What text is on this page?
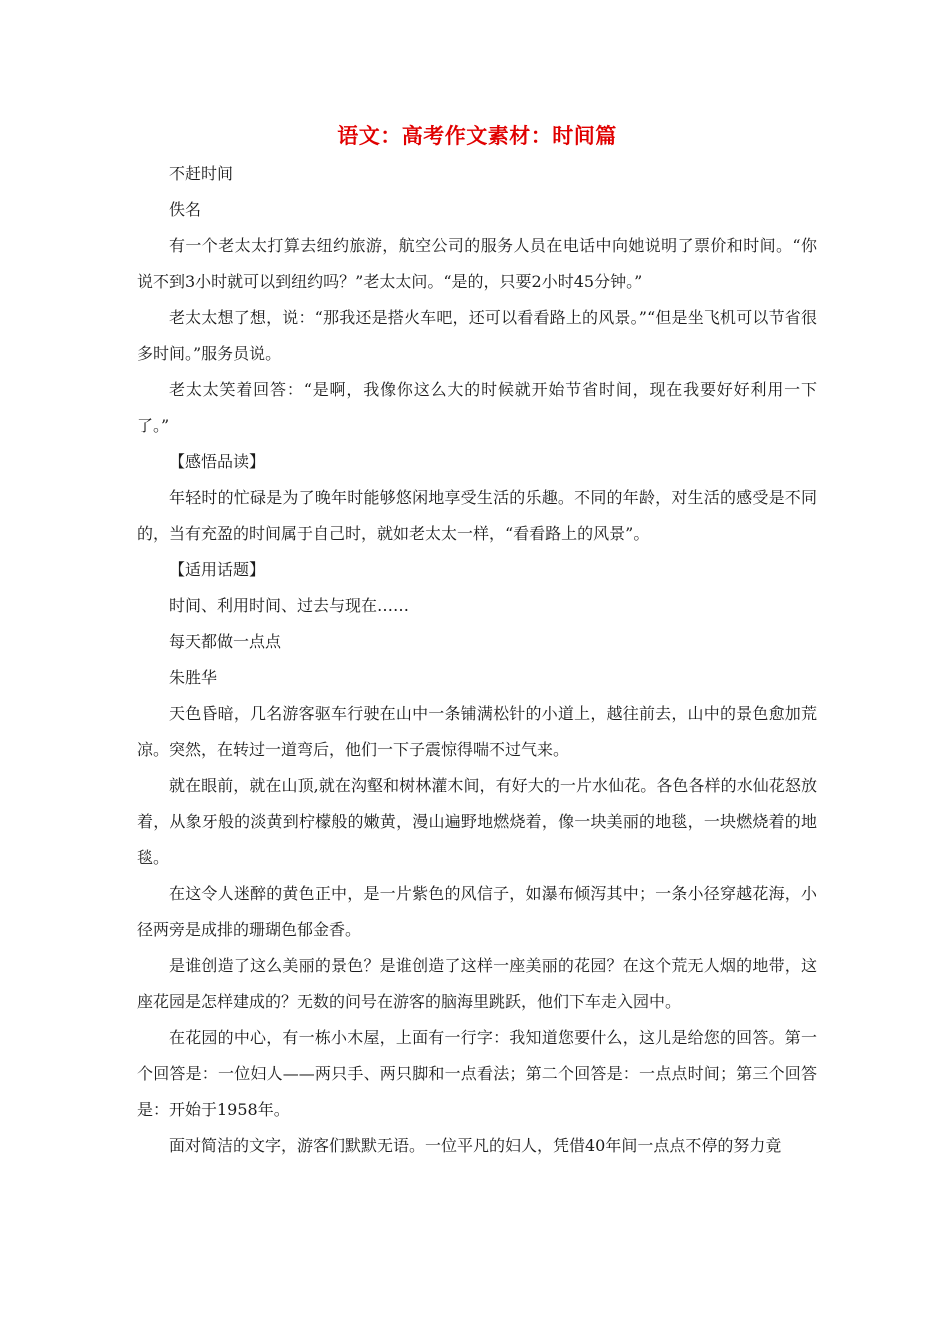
语文：高考作文素材：时间篇

不赶时间

佚名

有一个老太太打算去纽约旅游，航空公司的服务人员在电话中向她说明了票价和时间。“你说不到3小时就可以到纽约吗？”老太太问。“是的，只要2小时45分钟。”

老太太想了想，说：“那我还是搭火车吧，还可以看看路上的风景。”“但是坐飞机可以节省很多时间。”服务员说。

老太太笑着回答：“是啊，我像你这么大的时候就开始节省时间，现在我要好好利用一下了。”

【感悟品读】

年轻时的忙碌是为了晚年时能够悠闲地享受生活的乐趣。不同的年龄，对生活的感受是不同的，当有充盈的时间属于自己时，就如老太太一样，“看看路上的风景”。

【适用话题】

时间、利用时间、过去与现在……

每天都做一点点

朱胜华

天色昏暗，几名游客驱车行驶在山中一条铺满松针的小道上，越往前去，山中的景色愈加荒凉。突然，在转过一道弯后，他们一下子震惊得喘不过气来。

就在眼前，就在山顶,就在沟壑和树林灌木间，有好大的一片水仙花。各色各样的水仙花怒放着，从象牙般的淡黄到柠檬般的嫩黄，漫山遍野地燃烧着，像一块美丽的地毯，一块燃烧着的地毯。

在这令人迷醉的黄色正中，是一片紫色的风信子，如瀑布倾泻其中；一条小径穿越花海，小径两旁是成排的珊瑚色郁金香。

是谁创造了这么美丽的景色？是谁创造了这样一座美丽的花园？在这个荒无人烟的地带，这座花园是怎样建成的？无数的问号在游客的脑海里跳跃，他们下车走入园中。

在花园的中心，有一栋小木屋，上面有一行字：我知道您要什么，这儿是给您的回答。第一个回答是：一位妇人——两只手、两只脚和一点看法；第二个回答是：一点点时间；第三个回答是：开始于1958年。

面对简洁的文字，游客们默默无语。一位平凡的妇人，凭借40年间一点点不停的努力竟
